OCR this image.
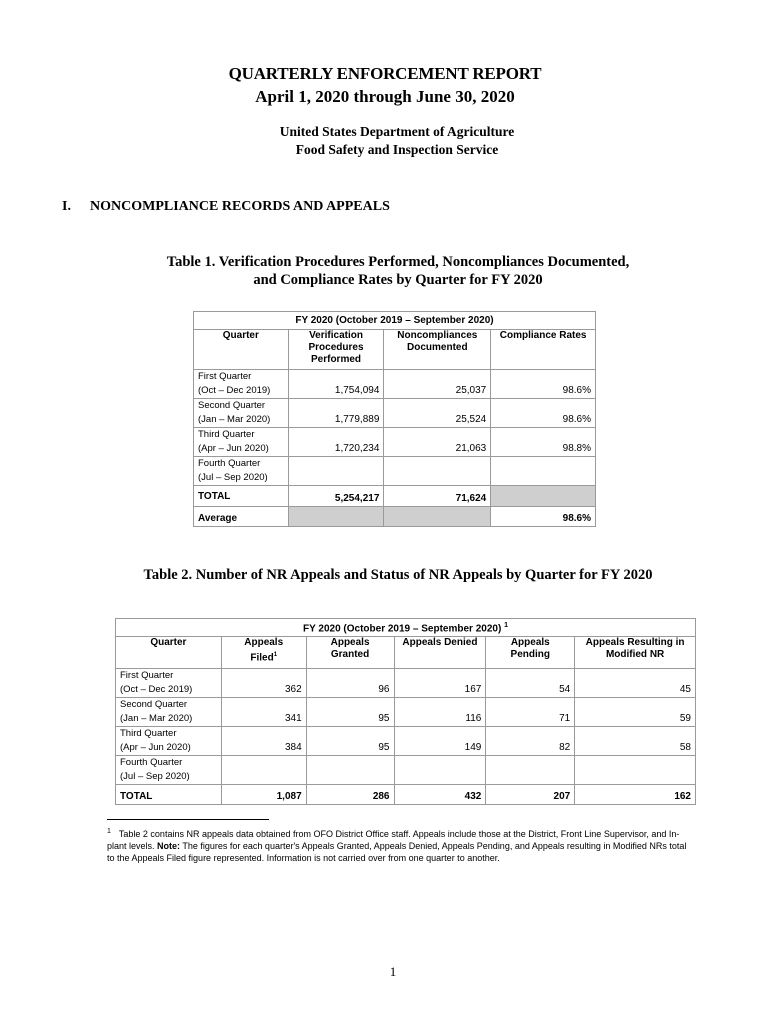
QUARTERLY ENFORCEMENT REPORT
April 1, 2020 through June 30, 2020
United States Department of Agriculture
Food Safety and Inspection Service
I. NONCOMPLIANCE RECORDS AND APPEALS
Table 1. Verification Procedures Performed, Noncompliances Documented,
and Compliance Rates by Quarter for FY 2020
FY 2020 (October 2019 – September 2020)			
Quarter	Verification Procedures Performed	Noncompliances Documented	Compliance Rates

First Quarter
(Oct – Dec 2019)	1,754,094	25,037	98.6%

Second Quarter
(Jan – Mar 2020)	1,779,889	25,524	98.6%

Third Quarter
(Apr – Jun 2020)	1,720,234	21,063	98.8%

Fourth Quarter
(Jul – Sep 2020)			

TOTAL	5,254,217	71,624	
Average			98.6%
Table 2. Number of NR Appeals and Status of NR Appeals by Quarter for FY 2020
FY 2020 (October 2019 – September 2020) $^1$
Quarter	Appeals
Filed$^1$	Appeals Granted	Appeals Denied	Appeals Pending	Appeals Resulting in Modified NR

First Quarter
(Oct – Dec 2019)	362	96	167	54	45

Second Quarter
(Jan – Mar 2020)	341	95	116	71	59

Third Quarter
(Apr – Jun 2020)	384	95	149	82	58

Fourth Quarter
(Jul – Sep 2020)					

TOTAL	1,087	286	432	207	162
$^1$ Table 2 contains NR appeals data obtained from OFO District Office staff. Appeals include those at the District, Front Line Supervisor, and In-plant levels. Note: The figures for each quarter's Appeals Granted, Appeals Denied, Appeals Pending, and Appeals resulting in Modified NRs total to the Appeals Filed figure represented. Information is not carried over from one quarter to another.
1
